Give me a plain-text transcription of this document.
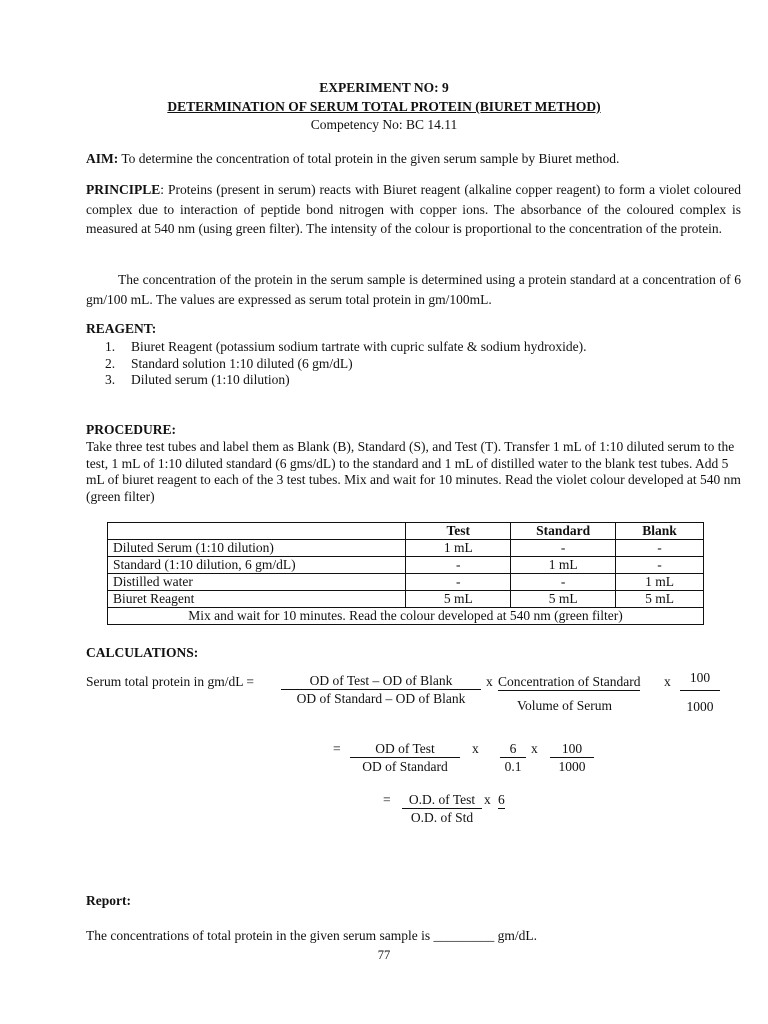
EXPERIMENT NO: 9
DETERMINATION OF SERUM TOTAL PROTEIN (BIURET METHOD)
Competency No: BC 14.11
AIM: To determine the concentration of total protein in the given serum sample by Biuret method.
PRINCIPLE: Proteins (present in serum) reacts with Biuret reagent (alkaline copper reagent) to form a violet coloured complex due to interaction of peptide bond nitrogen with copper ions. The absorbance of the coloured complex is measured at 540 nm (using green filter). The intensity of the colour is proportional to the concentration of the protein.
The concentration of the protein in the serum sample is determined using a protein standard at a concentration of 6 gm/100 mL. The values are expressed as serum total protein in gm/100mL.
REAGENT:
1. Biuret Reagent (potassium sodium tartrate with cupric sulfate & sodium hydroxide).
2. Standard solution 1:10 diluted (6 gm/dL)
3. Diluted serum (1:10 dilution)
PROCEDURE:
Take three test tubes and label them as Blank (B), Standard (S), and Test (T). Transfer 1 mL of 1:10 diluted serum to the test, 1 mL of 1:10 diluted standard (6 gms/dL) to the standard and 1 mL of distilled water to the blank test tubes. Add 5 mL of biuret reagent to each of the 3 test tubes. Mix and wait for 10 minutes. Read the violet colour developed at 540 nm (green filter)
	Test	Standard	Blank
Diluted Serum (1:10 dilution)	1 mL	-	-
Standard (1:10 dilution, 6 gm/dL)	-	1 mL	-
Distilled water	-	-	1 mL
Biuret Reagent	5 mL	5 mL	5 mL
Mix and wait for 10 minutes. Read the colour developed at 540 nm (green filter)			
CALCULATIONS:
Serum total protein in gm/dL =	OD of Test – OD of Blank
OD of Standard – OD of Blank
x Concentration of Standard x
Volume of Serum	$\frac{100}{1000}$
=	OD of Test
OD of Standard
x $\frac{6}{0.1}$ x $\frac{100}{1000}$
=	O.D. of Test
O.D. of Std
x 6
Report:
The concentrations of total protein in the given serum sample is _________ gm/dL.
77
